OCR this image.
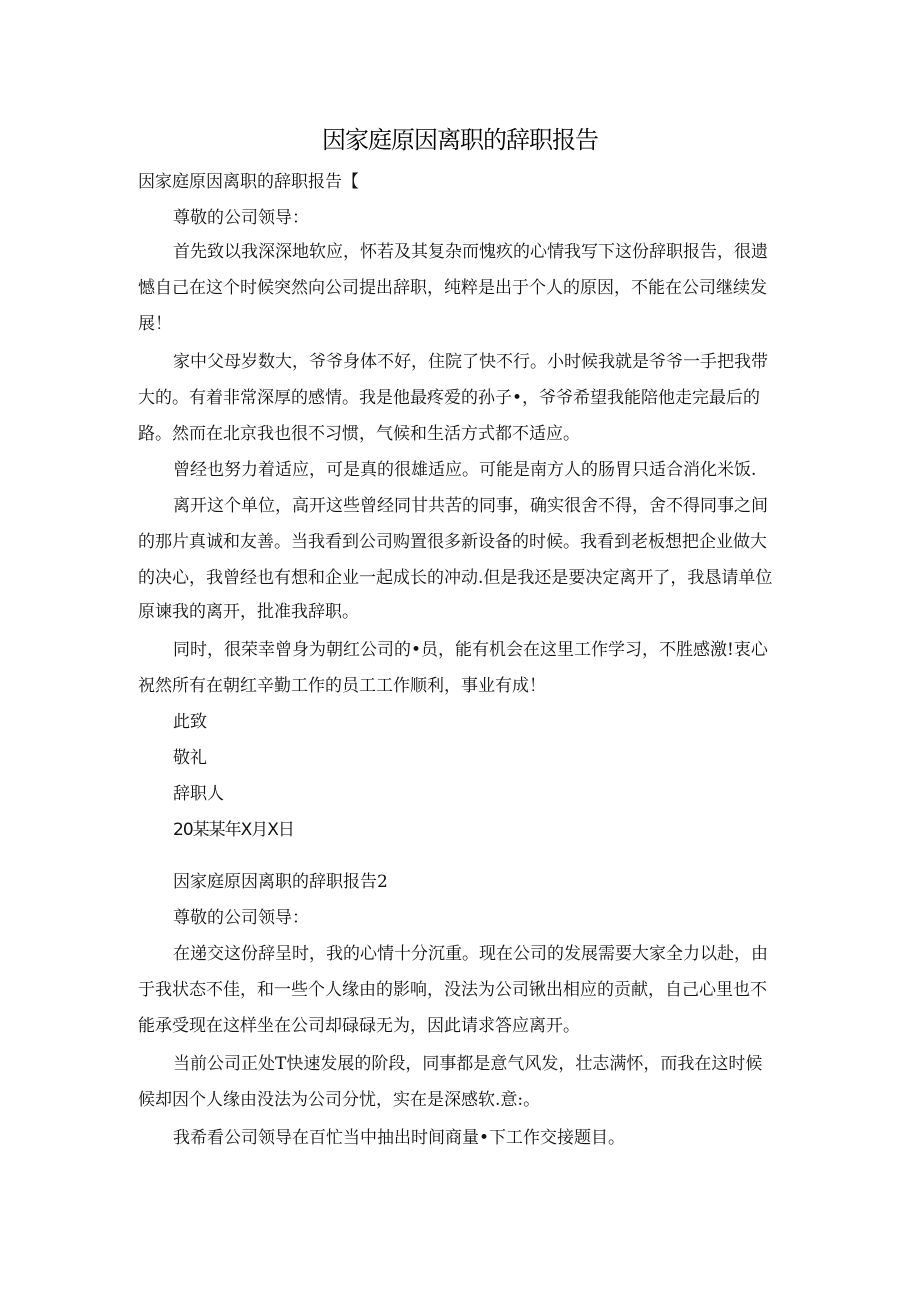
因家庭原因离职的辞职报告
因家庭原因离职的辞职报告【
尊敬的公司领导：
首先致以我深深地软应，怀若及其复杂而愧疚的心情我写下这份辞职报告，很遗
憾自己在这个时候突然向公司提出辞职，纯粹是出于个人的原因，不能在公司继续发
展！
家中父母岁数大，爷爷身体不好，住院了快不行。小时候我就是爷爷一手把我带
大的。有着非常深厚的感情。我是他最疼爱的孙子•，爷爷希望我能陪他走完最后的
路。然而在北京我也很不习惯，气候和生活方式都不适应。
曾经也努力着适应，可是真的很雄适应。可能是南方人的肠胃只适合消化米饭.
离开这个单位，高开这些曾经同甘共苦的同事，确实很舍不得，舍不得同事之间
的那片真诚和友善。当我看到公司购置很多新设备的时候。我看到老板想把企业做大
的决心，我曾经也有想和企业一起成长的冲动.但是我还是要决定离开了，我恳请单位
原谏我的离开，批准我辞职。
同时，很荣幸曾身为朝红公司的•员，能有机会在这里工作学习，不胜感激!衷心
祝然所有在朝红辛勤工作的员工工作顺利，事业有成！
此致
敬礼
辞职人
20某某年X月X日
因家庭原因离职的辞职报告2
尊敬的公司领导：
在递交这份辞呈时，我的心情十分沉重。现在公司的发展需要大家全力以赴，由
于我状态不佳，和一些个人缘由的影响，没法为公司锹出相应的贡献，自己心里也不
能承受现在这样坐在公司却碌碌无为，因此请求答应离开。
当前公司正处T快速发展的阶段，同事都是意气风发，壮志满怀，而我在这时候
候却因个人缘由没法为公司分忧，实在是深感软.意:。
我希看公司领导在百忙当中抽出时间商量•下工作交接题目。
